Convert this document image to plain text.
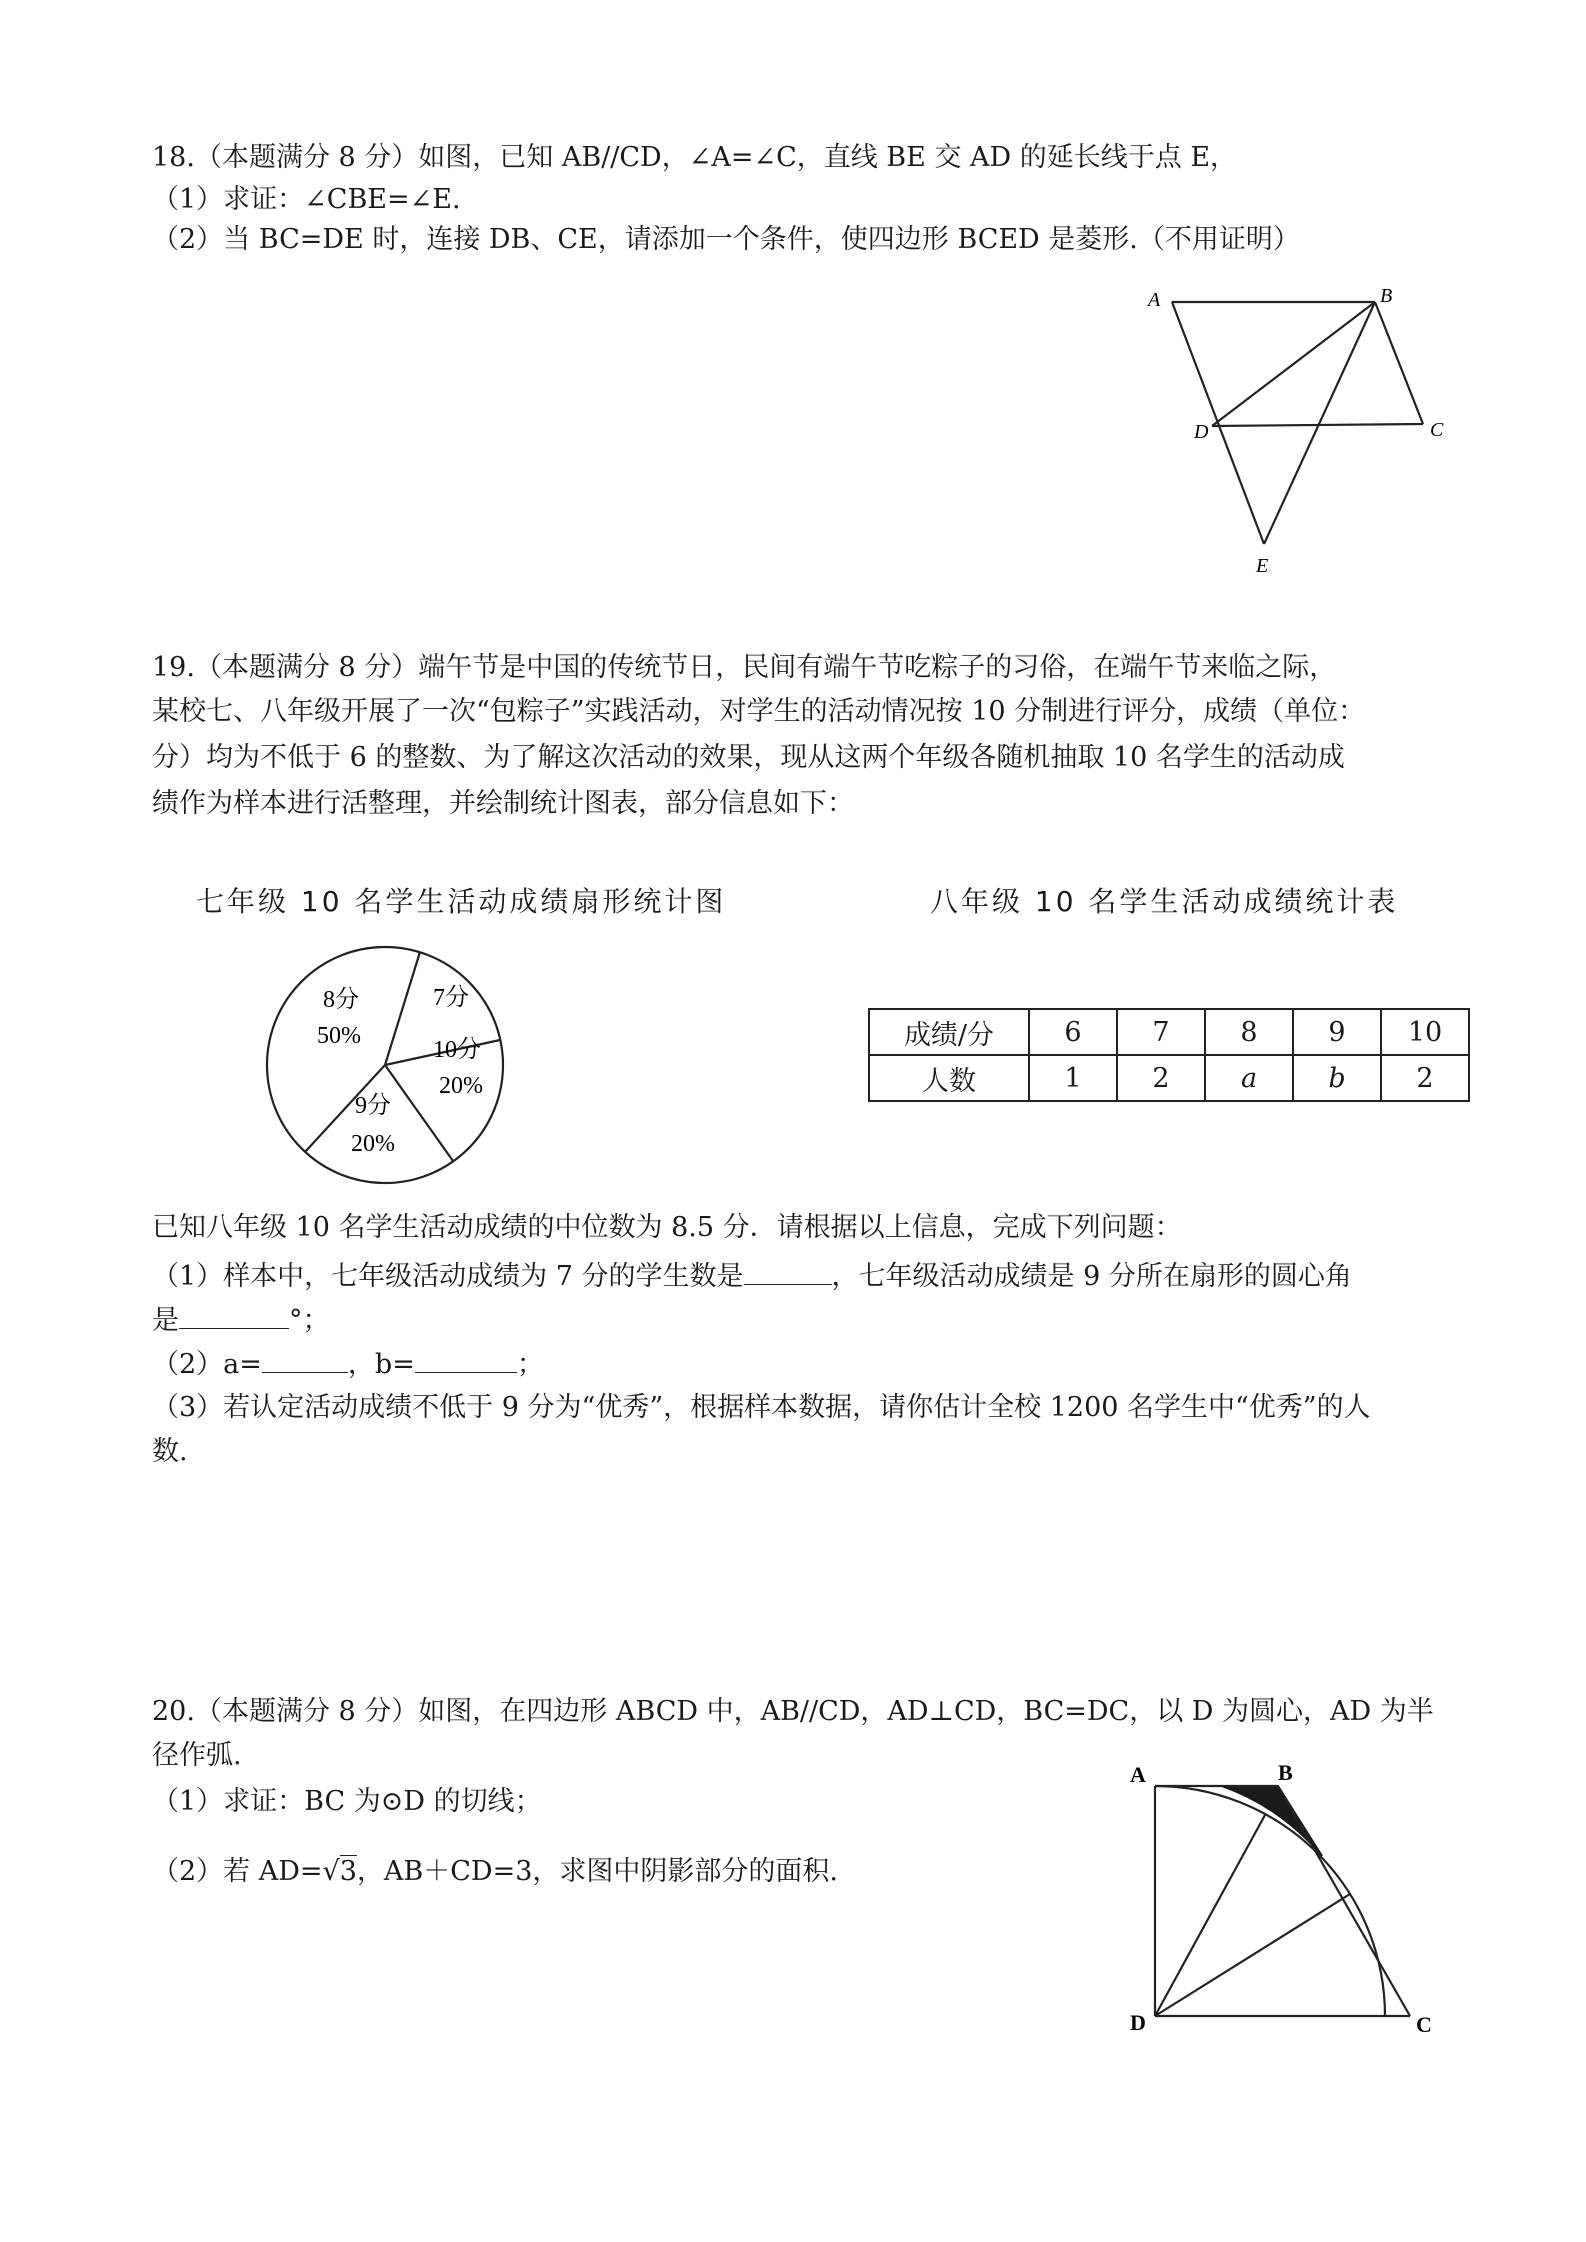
18.（本题满分 8 分）如图，已知 AB//CD，∠A=∠C，直线 BE 交 AD 的延长线于点 E，
（1）求证：∠CBE=∠E.
（2）当 BC=DE 时，连接 DB、CE，请添加一个条件，使四边形 BCED 是菱形.（不用证明）
A	B
C
D
E
19.（本题满分 8 分）端午节是中国的传统节日，民间有端午节吃粽子的习俗，在端午节来临之际，
某校七、八年级开展了一次“包粽子”实践活动，对学生的活动情况按 10 分制进行评分，成绩（单位：
分）均为不低于 6 的整数、为了解这次活动的效果，现从这两个年级各随机抽取 10 名学生的活动成
绩作为样本进行活整理，并绘制统计图表，部分信息如下：
七年级 10 名学生活动成绩扇形统计图	八年级 10 名学生活动成绩统计表
8分
50%
7分
10分
20%
9分
20%
成绩/分	6	7	8	9	10
人数	1	2	a	b	2
已知八年级 10 名学生活动成绩的中位数为 8.5 分．请根据以上信息，完成下列问题：
（1）样本中，七年级活动成绩为 7 分的学生数是	，七年级活动成绩是 9 分所在扇形的圆心角
是	°；
（2）a=	，b=	；
（3）若认定活动成绩不低于 9 分为“优秀”，根据样本数据，请你估计全校 1200 名学生中“优秀”的人
数.
20.（本题满分 8 分）如图，在四边形 ABCD 中，AB//CD，AD⊥CD，BC=DC，以 D 为圆心，AD 为半
径作弧.
（1）求证：BC 为⊙D 的切线；
（2）若 AD=√3，AB＋CD=3，求图中阴影部分的面积.
A	B
C
D
